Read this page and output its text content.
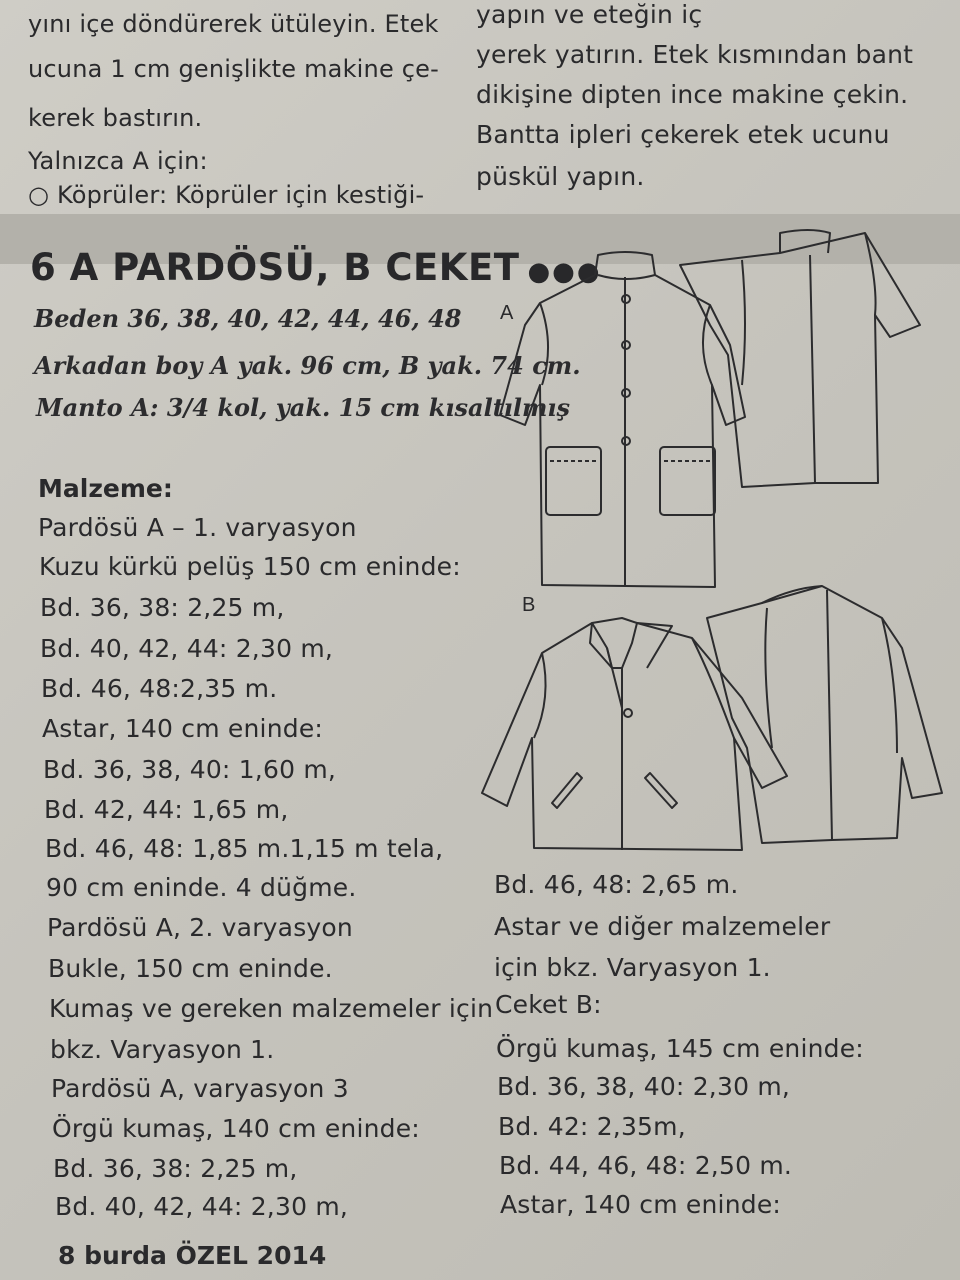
yını içe döndürerek ütüleyin. Etek
ucuna 1 cm genişlikte makine çe-
kerek bastırın.
Yalnızca A için:
○ Köprüler: Köprüler için kestiği-
yapın ve eteğin iç
yerek yatırın. Etek kısmından bant
dikişine dipten ince makine çekin.
Bantta ipleri çekerek etek ucunu
püskül yapın.
6 A PARDÖSÜ, B CEKET ●●●
Beden 36, 38, 40, 42, 44, 46, 48
Arkadan boy A yak. 96 cm, B yak. 74 cm.
Manto A: 3/4 kol, yak. 15 cm kısaltılmış
A
B
Malzeme:
Pardösü A – 1. varyasyon
Kuzu kürkü pelüş 150 cm eninde:
Bd. 36, 38: 2,25 m,
Bd. 40, 42, 44: 2,30 m,
Bd. 46, 48:2,35 m.
Astar, 140 cm eninde:
Bd. 36, 38, 40: 1,60 m,
Bd. 42, 44: 1,65 m,
Bd. 46, 48: 1,85 m.1,15 m tela,
90 cm eninde. 4 düğme.
Pardösü A, 2. varyasyon
Bukle, 150 cm eninde.
Kumaş ve gereken malzemeler için
bkz. Varyasyon 1.
Pardösü A, varyasyon 3
Örgü kumaş, 140 cm eninde:
Bd. 36, 38: 2,25 m,
Bd. 40, 42, 44: 2,30 m,
Bd. 46, 48: 2,65 m.
Astar ve diğer malzemeler
için bkz. Varyasyon 1.
Ceket B:
Örgü kumaş, 145 cm eninde:
Bd. 36, 38, 40: 2,30 m,
Bd. 42: 2,35m,
Bd. 44, 46, 48: 2,50 m.
Astar, 140 cm eninde:
8 burda ÖZEL 2014
